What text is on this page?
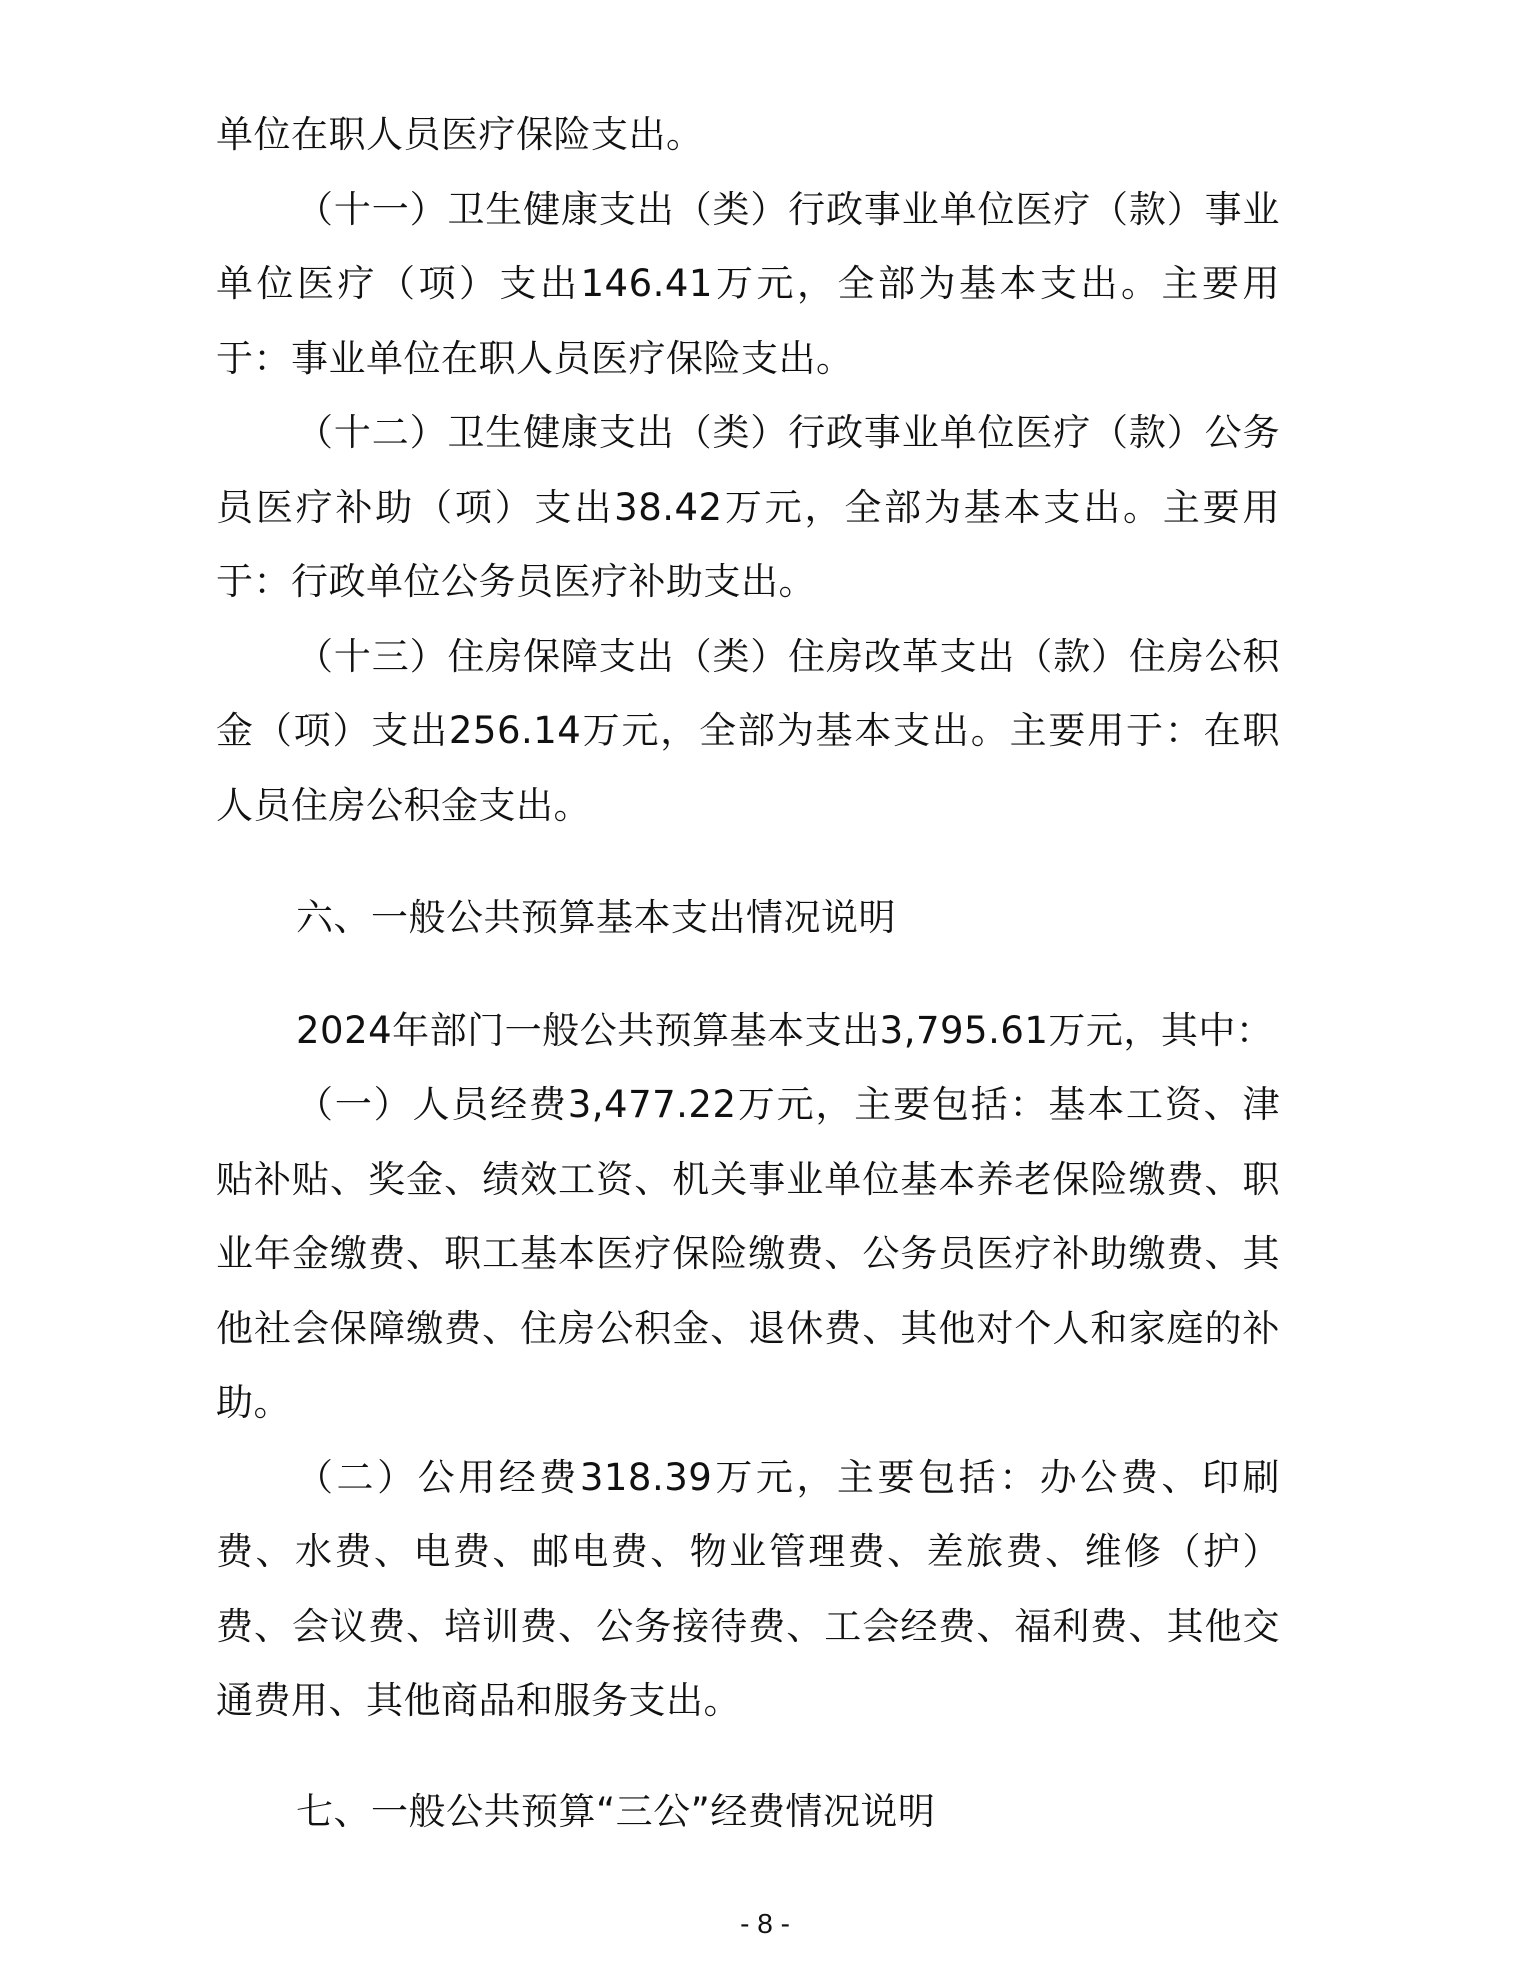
单位在职人员医疗保险支出。

（十一）卫生健康支出（类）行政事业单位医疗（款）事业单位医疗（项）支出146.41万元，全部为基本支出。主要用于：事业单位在职人员医疗保险支出。

（十二）卫生健康支出（类）行政事业单位医疗（款）公务员医疗补助（项）支出38.42万元，全部为基本支出。主要用于：行政单位公务员医疗补助支出。

（十三）住房保障支出（类）住房改革支出（款）住房公积金（项）支出256.14万元，全部为基本支出。主要用于：在职人员住房公积金支出。

六、一般公共预算基本支出情况说明

2024年部门一般公共预算基本支出3,795.61万元，其中：

（一）人员经费3,477.22万元，主要包括：基本工资、津贴补贴、奖金、绩效工资、机关事业单位基本养老保险缴费、职业年金缴费、职工基本医疗保险缴费、公务员医疗补助缴费、其他社会保障缴费、住房公积金、退休费、其他对个人和家庭的补助。

（二）公用经费318.39万元，主要包括：办公费、印刷费、水费、电费、邮电费、物业管理费、差旅费、维修（护）费、会议费、培训费、公务接待费、工会经费、福利费、其他交通费用、其他商品和服务支出。

七、一般公共预算“三公”经费情况说明

- 8 -
